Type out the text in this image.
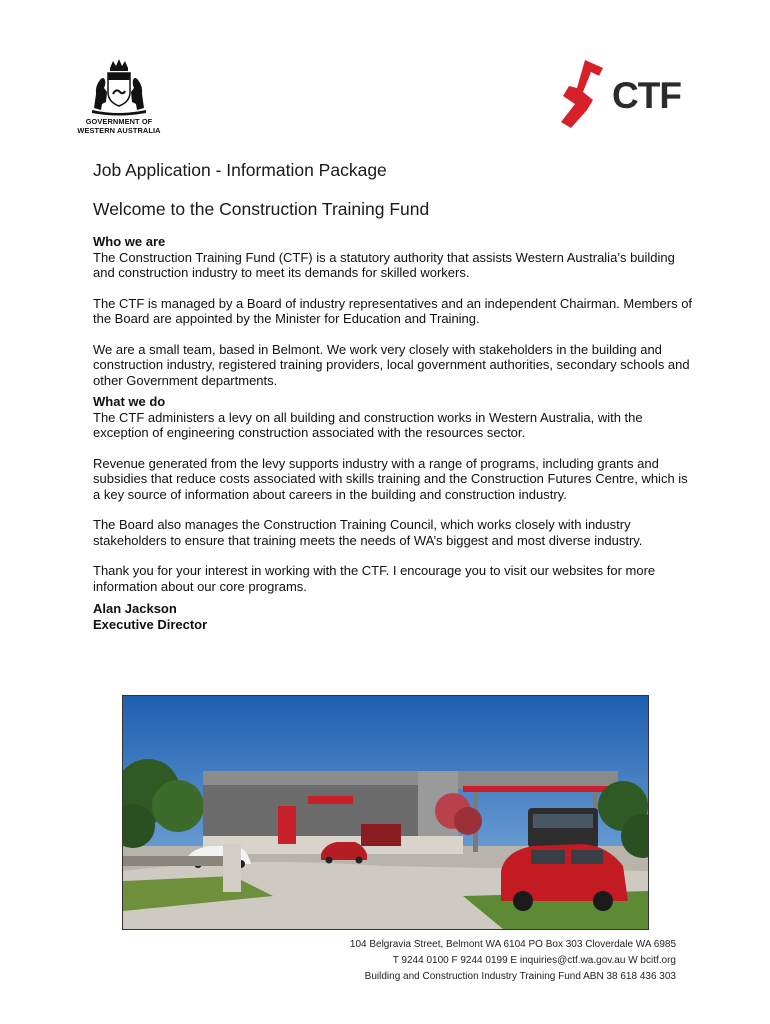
GOVERNMENT OF
WESTERN AUSTRALIA
CTF
Job Application - Information Package
Welcome to the Construction Training Fund
Who we are

The Construction Training Fund (CTF) is a statutory authority that assists Western Australia’s building and construction industry to meet its demands for skilled workers.

The CTF is managed by a Board of industry representatives and an independent Chairman. Members of the Board are appointed by the Minister for Education and Training.

We are a small team, based in Belmont. We work very closely with stakeholders in the building and construction industry, registered training providers, local government authorities, secondary schools and other Government departments.

What we do

The CTF administers a levy on all building and construction works in Western Australia, with the exception of engineering construction associated with the resources sector.

Revenue generated from the levy supports industry with a range of programs, including grants and subsidies that reduce costs associated with skills training and the Construction Futures Centre, which is a key source of information about careers in the building and construction industry.

The Board also manages the Construction Training Council, which works closely with industry stakeholders to ensure that training meets the needs of WA’s biggest and most diverse industry.

Thank you for your interest in working with the CTF. I encourage you to visit our websites for more information about our core programs.

Alan Jackson
Executive Director
104 Belgravia Street, Belmont WA 6104 PO Box 303 Cloverdale WA 6985
T 9244 0100 F 9244 0199 E inquiries@ctf.wa.gov.au W bcitf.org
Building and Construction Industry Training Fund ABN 38 618 436 303
